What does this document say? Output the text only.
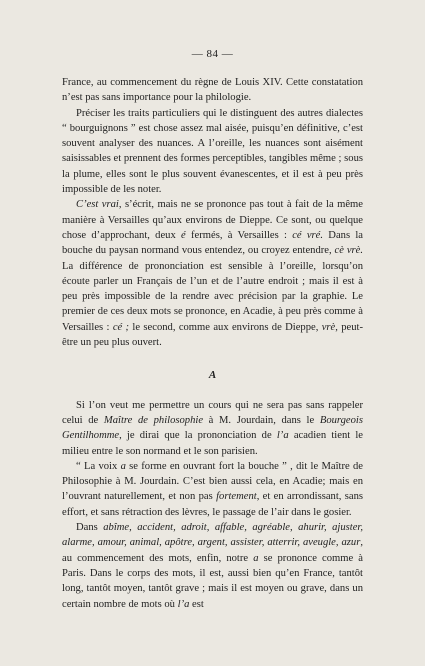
— 84 —

France, au commencement du règne de Louis XIV. Cette constatation n’est pas sans importance pour la philologie.

Préciser les traits particuliers qui le distinguent des autres dialectes “ bourguignons ” est chose assez mal aisée, puisqu’en définitive, c’est souvent analyser des nuances. A l’oreille, les nuances sont aisément saisissables et prennent des formes perceptibles, tangibles même ; sous la plume, elles sont le plus souvent évanescentes, et il est à peu près impossible de les noter.

C’est vrai, s’écrit, mais ne se prononce pas tout à fait de la même manière à Versailles qu’aux environs de Dieppe. Ce sont, ou quelque chose d’approchant, deux é fermés, à Versailles : cé vré. Dans la bouche du paysan normand vous entendez, ou croyez entendre, cè vrè. La différence de prononciation est sensible à l’oreille, lorsqu’on écoute parler un Français de l’un et de l’autre endroit ; mais il est à peu près impossible de la rendre avec précision par la graphie. Le premier de ces deux mots se prononce, en Acadie, à peu près comme à Versailles : cé ; le second, comme aux environs de Dieppe, vrè, peut-être un peu plus ouvert.

A

Si l’on veut me permettre un cours qui ne sera pas sans rappeler celui de Maître de philosophie à M. Jourdain, dans le Bourgeois Gentilhomme, je dirai que la prononciation de l’a acadien tient le milieu entre le son normand et le son parisien.

“ La voix a se forme en ouvrant fort la bouche ” , dit le Maître de Philosophie à M. Jourdain. C’est bien aussi cela, en Acadie; mais en l’ouvrant naturellement, et non pas fortement, et en arrondissant, sans effort, et sans rétraction des lèvres, le passage de l’air dans le gosier.

Dans abîme, accident, adroit, affable, agréable, ahurir, ajuster, alarme, amour, animal, apôtre, argent, assister, atterrir, aveugle, azur, au commencement des mots, enfin, notre a se prononce comme à Paris. Dans le corps des mots, il est, aussi bien qu’en France, tantôt long, tantôt moyen, tantôt grave ; mais il est moyen ou grave, dans un certain nombre de mots où l’a est
